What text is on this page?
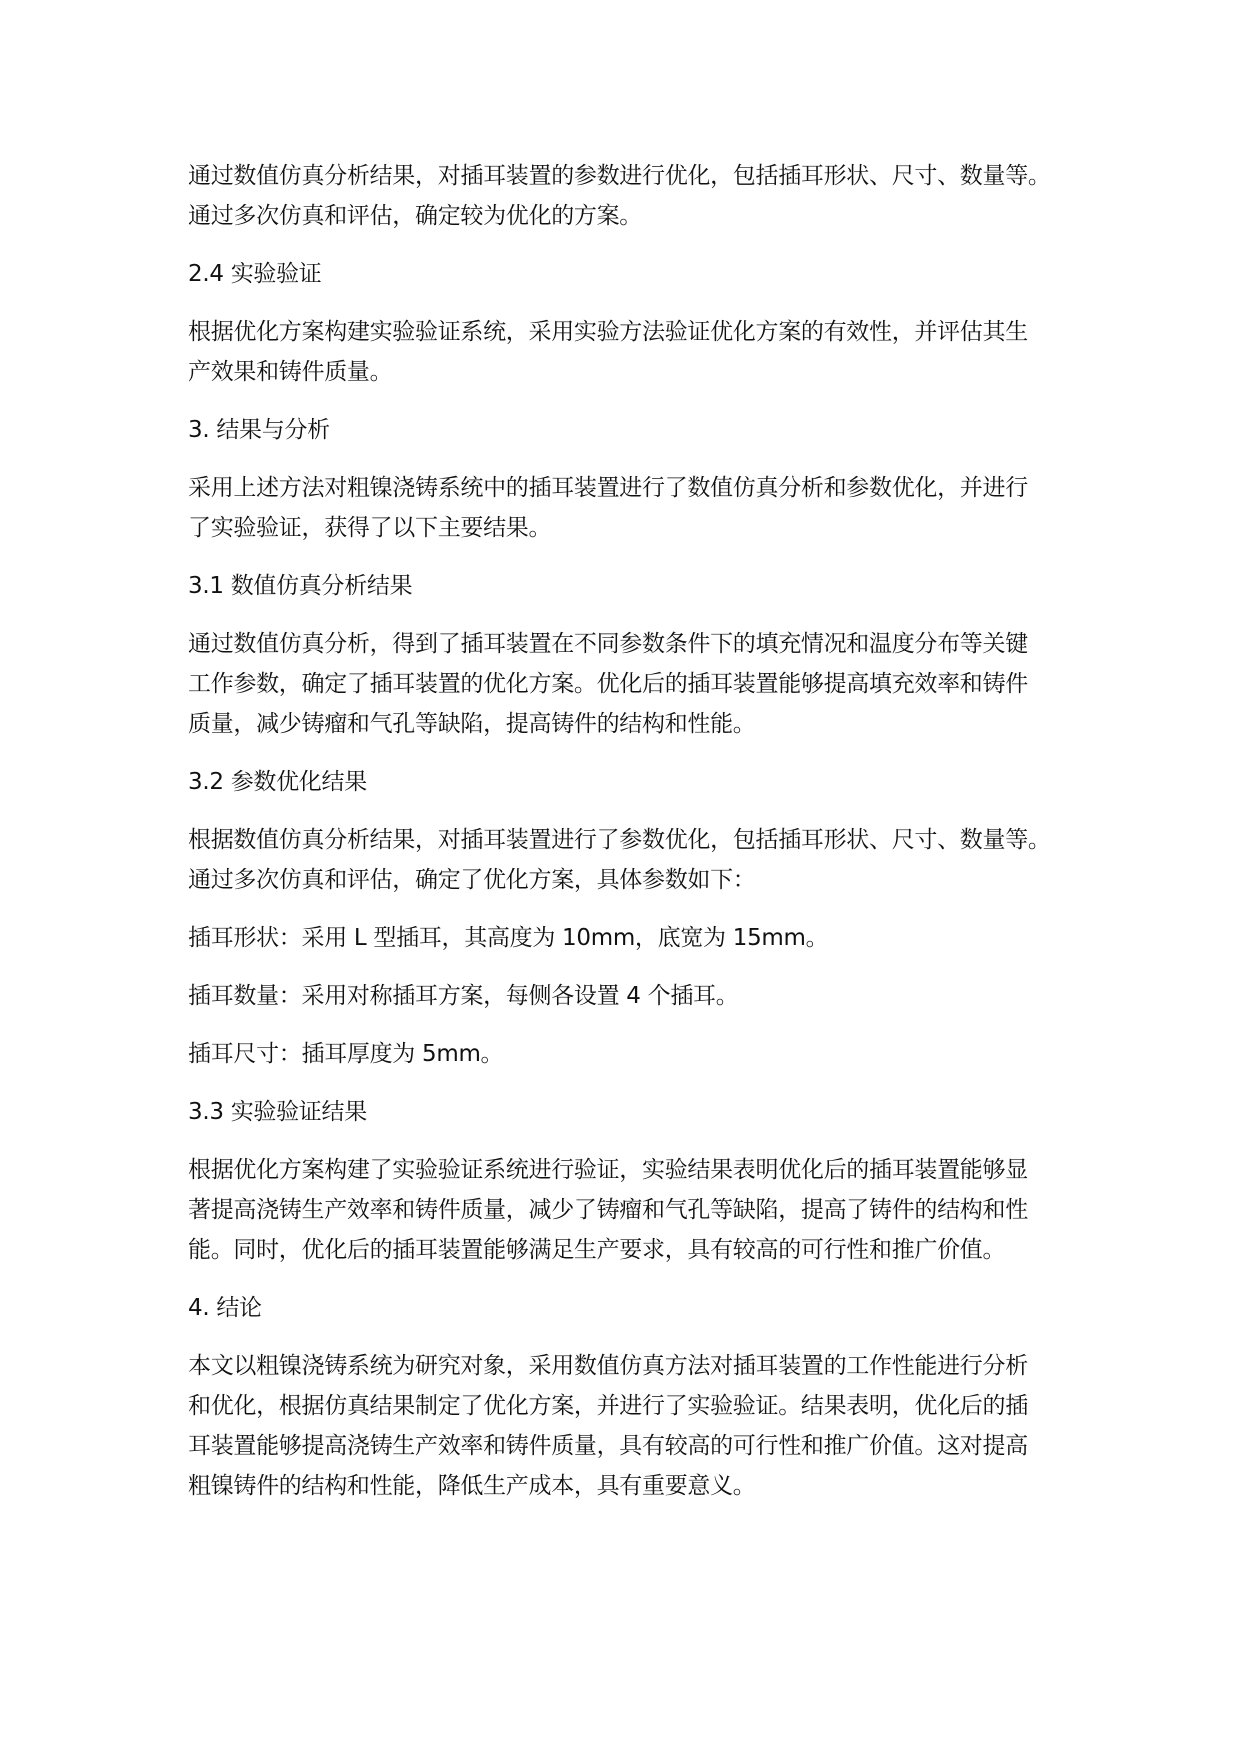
通过数值仿真分析结果，对插耳装置的参数进行优化，包括插耳形状、尺寸、数量等。
通过多次仿真和评估，确定较为优化的方案。

2.4 实验验证

根据优化方案构建实验验证系统，采用实验方法验证优化方案的有效性，并评估其生
产效果和铸件质量。

3. 结果与分析

采用上述方法对粗镍浇铸系统中的插耳装置进行了数值仿真分析和参数优化，并进行
了实验验证，获得了以下主要结果。

3.1 数值仿真分析结果

通过数值仿真分析，得到了插耳装置在不同参数条件下的填充情况和温度分布等关键
工作参数，确定了插耳装置的优化方案。优化后的插耳装置能够提高填充效率和铸件
质量，减少铸瘤和气孔等缺陷，提高铸件的结构和性能。

3.2 参数优化结果

根据数值仿真分析结果，对插耳装置进行了参数优化，包括插耳形状、尺寸、数量等。
通过多次仿真和评估，确定了优化方案，具体参数如下：

插耳形状：采用 L 型插耳，其高度为 10mm，底宽为 15mm。

插耳数量：采用对称插耳方案，每侧各设置 4 个插耳。

插耳尺寸：插耳厚度为 5mm。

3.3 实验验证结果

根据优化方案构建了实验验证系统进行验证，实验结果表明优化后的插耳装置能够显
著提高浇铸生产效率和铸件质量，减少了铸瘤和气孔等缺陷，提高了铸件的结构和性
能。同时，优化后的插耳装置能够满足生产要求，具有较高的可行性和推广价值。

4. 结论

本文以粗镍浇铸系统为研究对象，采用数值仿真方法对插耳装置的工作性能进行分析
和优化，根据仿真结果制定了优化方案，并进行了实验验证。结果表明，优化后的插
耳装置能够提高浇铸生产效率和铸件质量，具有较高的可行性和推广价值。这对提高
粗镍铸件的结构和性能，降低生产成本，具有重要意义。
